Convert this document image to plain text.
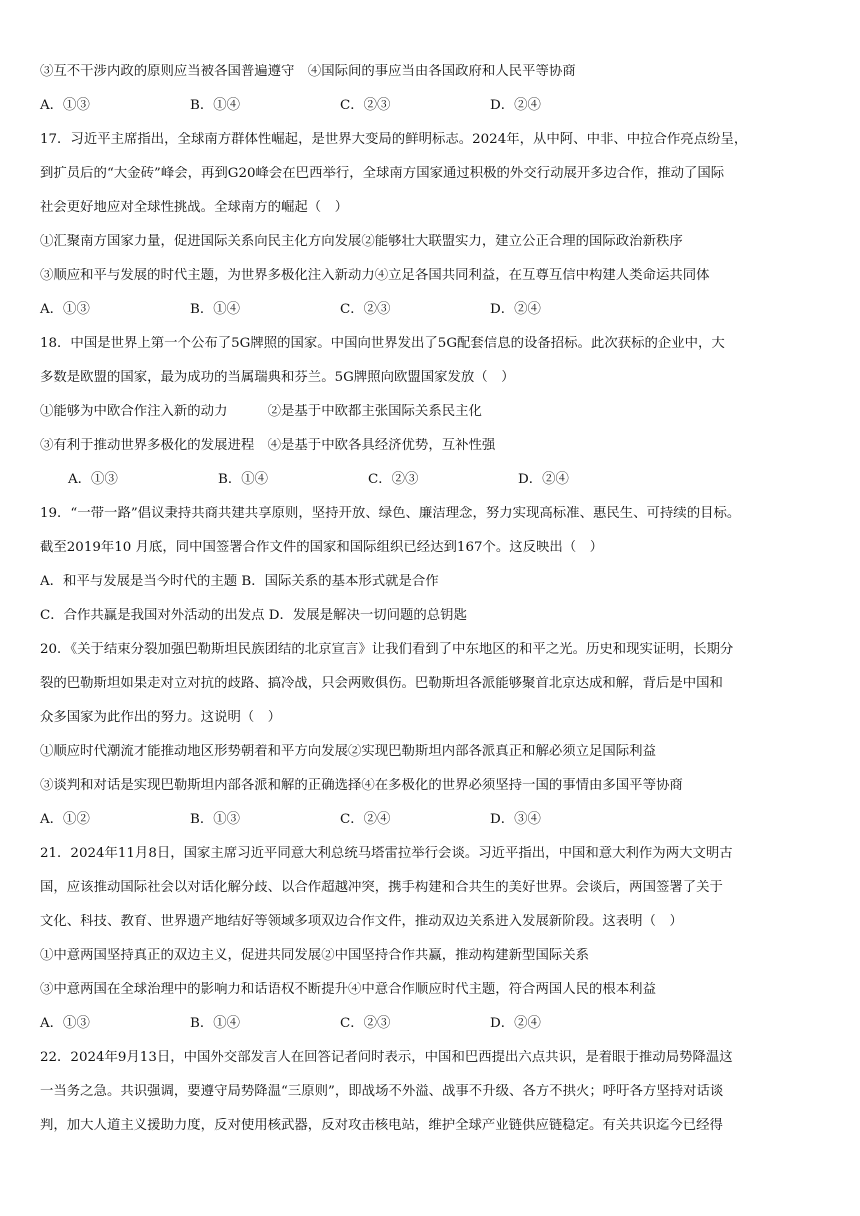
③互不干涉内政的原则应当被各国普遍遵守　④国际间的事应当由各国政府和人民平等协商
A．①③	B．①④	C．②③	D．②④
17．习近平主席指出，全球南方群体性崛起，是世界大变局的鲜明标志。2024年，从中阿、中非、中拉合作亮点纷呈，
到扩员后的“大金砖”峰会，再到G20峰会在巴西举行，全球南方国家通过积极的外交行动展开多边合作，推动了国际
社会更好地应对全球性挑战。全球南方的崛起（　）
①汇聚南方国家力量，促进国际关系向民主化方向发展②能够壮大联盟实力，建立公正合理的国际政治新秩序
③顺应和平与发展的时代主题，为世界多极化注入新动力④立足各国共同利益，在互尊互信中构建人类命运共同体
A．①③	B．①④	C．②③	D．②④
18．中国是世界上第一个公布了5G牌照的国家。中国向世界发出了5G配套信息的设备招标。此次获标的企业中，大
多数是欧盟的国家，最为成功的当属瑞典和芬兰。5G牌照向欧盟国家发放（　）
①能够为中欧合作注入新的动力　　　②是基于中欧都主张国际关系民主化
③有利于推动世界多极化的发展进程　④是基于中欧各具经济优势，互补性强
A．①③	B．①④	C．②③	D．②④
19．“一带一路”倡议秉持共商共建共享原则，坚持开放、绿色、廉洁理念，努力实现高标准、惠民生、可持续的目标。
截至2019年10 月底，同中国签署合作文件的国家和国际组织已经达到167个。这反映出（　）
A．和平与发展是当今时代的主题 B．国际关系的基本形式就是合作
C．合作共赢是我国对外活动的出发点 D．发展是解决一切问题的总钥匙
20．《关于结束分裂加强巴勒斯坦民族团结的北京宣言》让我们看到了中东地区的和平之光。历史和现实证明，长期分
裂的巴勒斯坦如果走对立对抗的歧路、搞冷战，只会两败俱伤。巴勒斯坦各派能够聚首北京达成和解，背后是中国和
众多国家为此作出的努力。这说明（　）
①顺应时代潮流才能推动地区形势朝着和平方向发展②实现巴勒斯坦内部各派真正和解必须立足国际利益
③谈判和对话是实现巴勒斯坦内部各派和解的正确选择④在多极化的世界必须坚持一国的事情由多国平等协商
A．①②	B．①③	C．②④	D．③④
21．2024年11月8日，国家主席习近平同意大利总统马塔雷拉举行会谈。习近平指出，中国和意大利作为两大文明古
国，应该推动国际社会以对话化解分歧、以合作超越冲突，携手构建和合共生的美好世界。会谈后，两国签署了关于
文化、科技、教育、世界遗产地结好等领域多项双边合作文件，推动双边关系进入发展新阶段。这表明（　）
①中意两国坚持真正的双边主义，促进共同发展②中国坚持合作共赢，推动构建新型国际关系
③中意两国在全球治理中的影响力和话语权不断提升④中意合作顺应时代主题，符合两国人民的根本利益
A．①③	B．①④	C．②③	D．②④
22．2024年9月13日，中国外交部发言人在回答记者问时表示，中国和巴西提出六点共识，是着眼于推动局势降温这
一当务之急。共识强调，要遵守局势降温“三原则”，即战场不外溢、战事不升级、各方不拱火；呼吁各方坚持对话谈
判，加大人道主义援助力度，反对使用核武器，反对攻击核电站，维护全球产业链供应链稳定。有关共识迄今已经得
